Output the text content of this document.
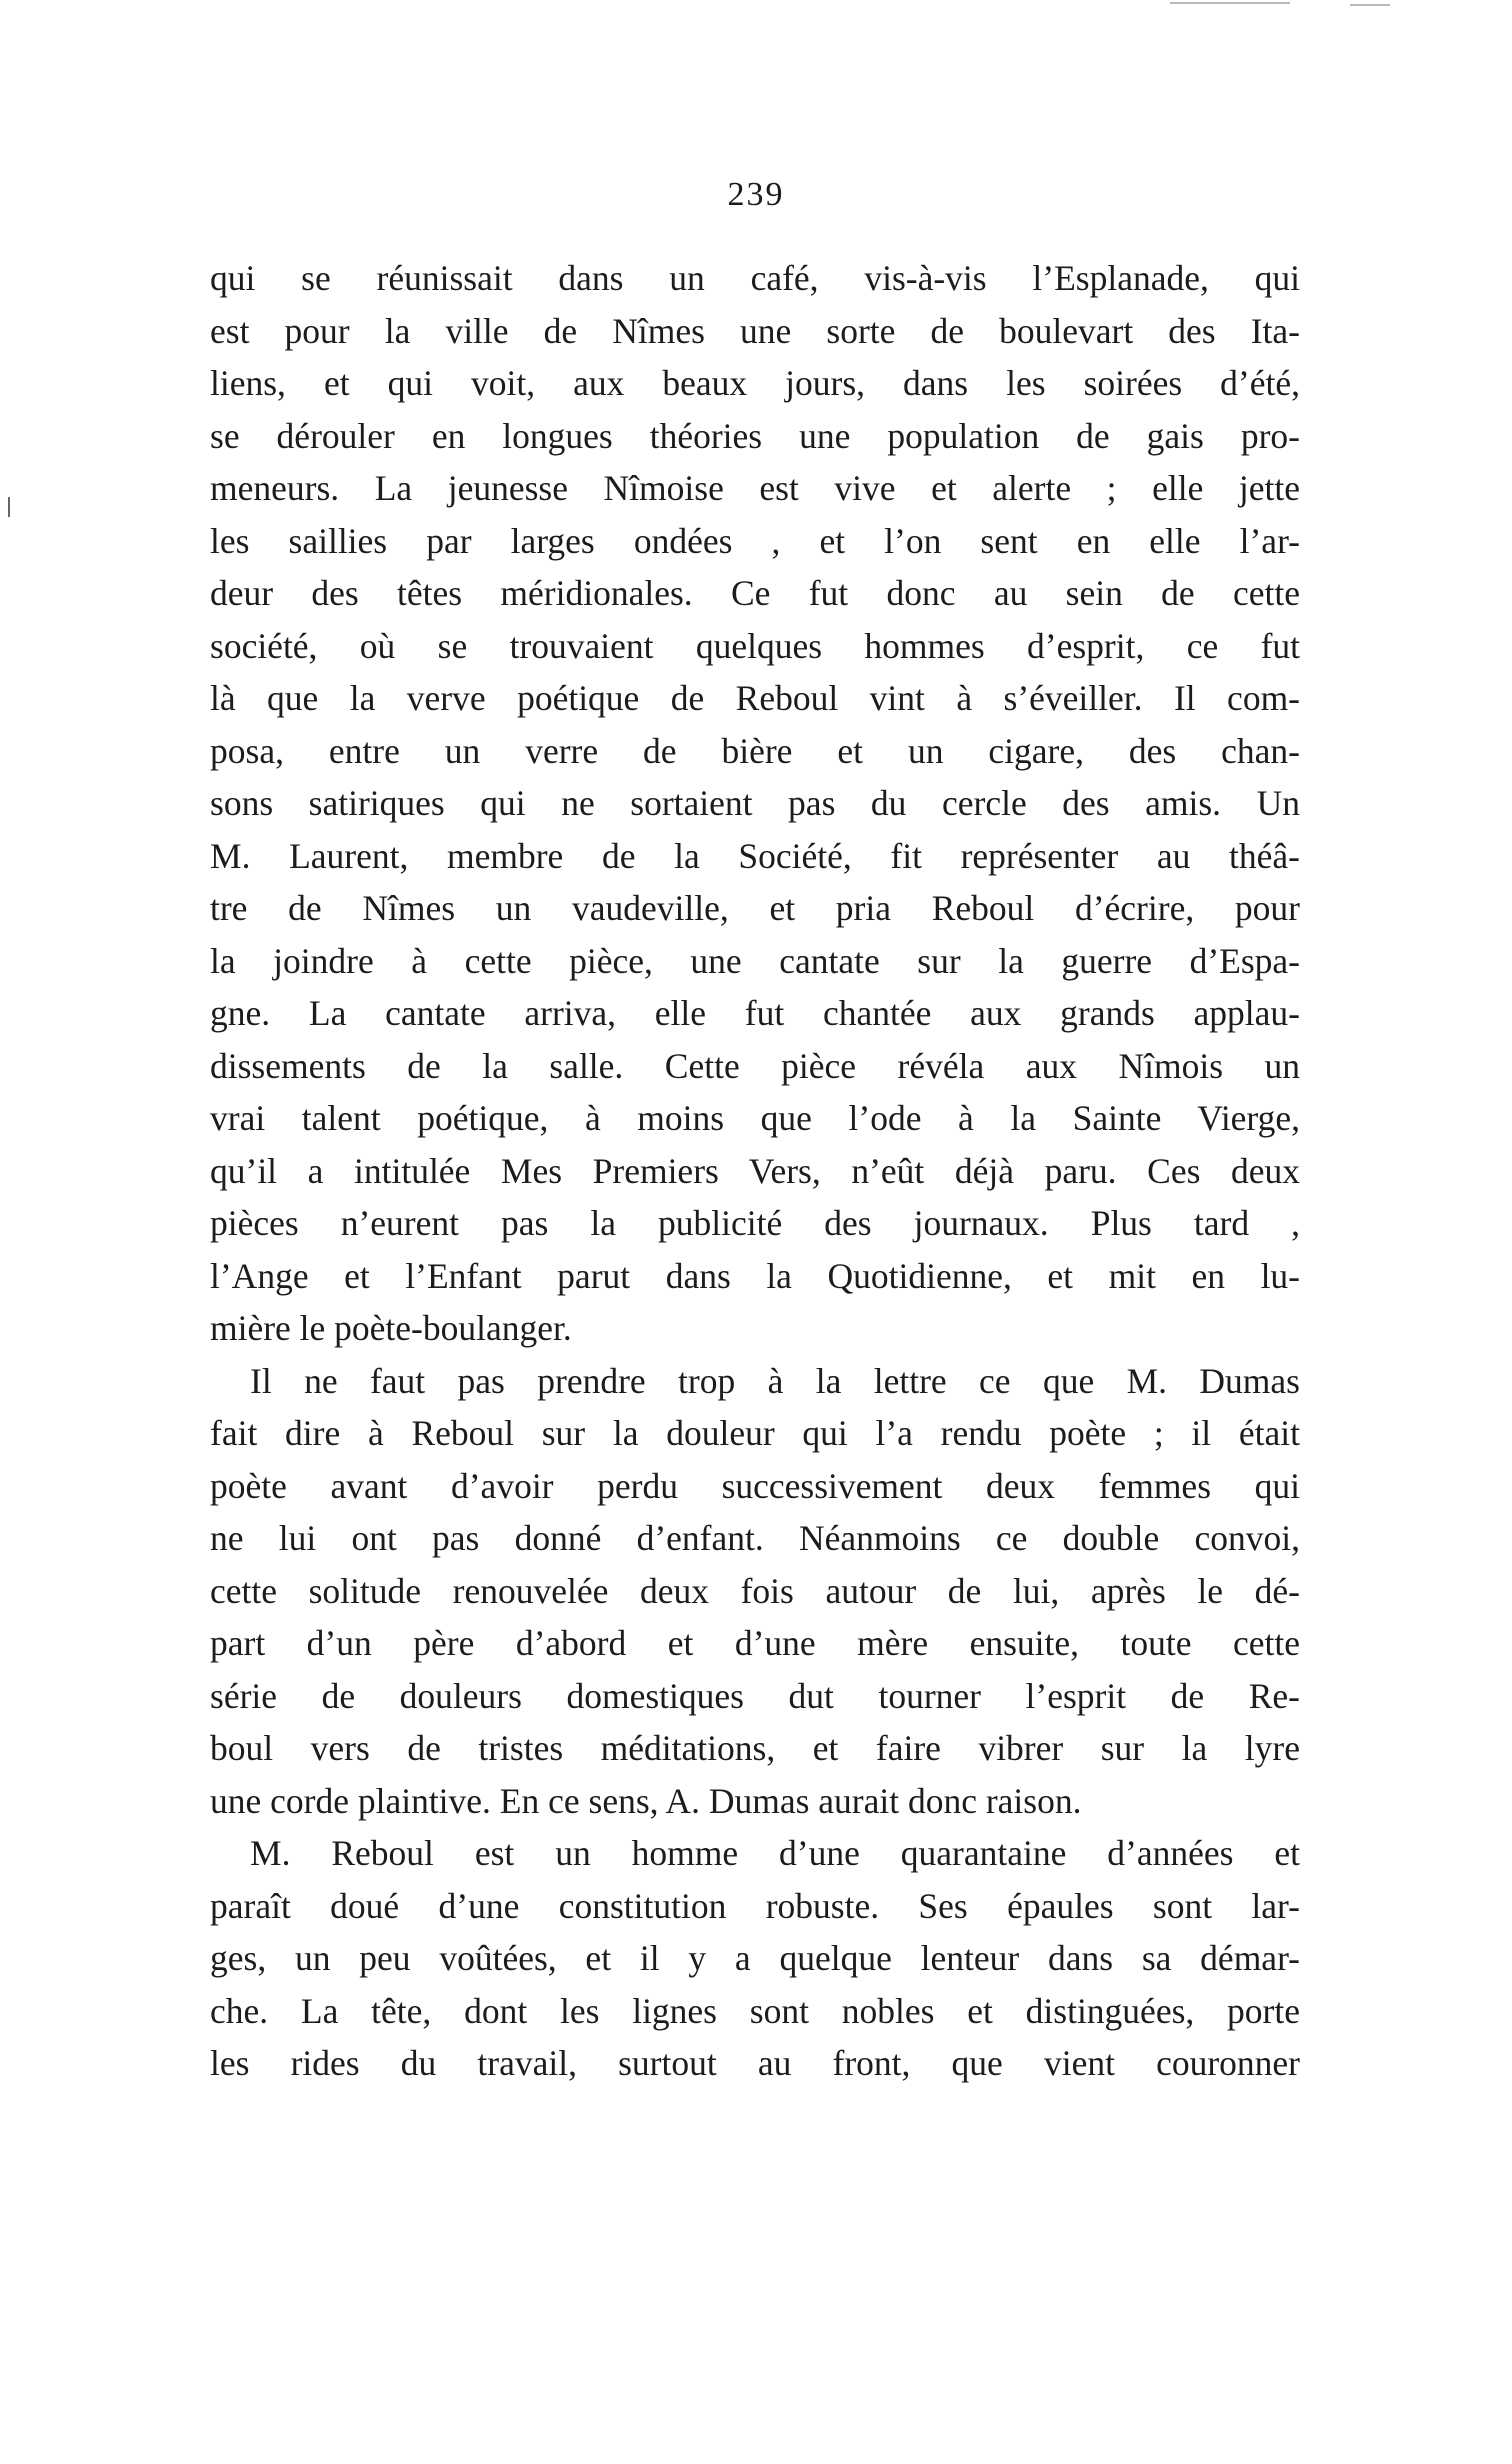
239
qui se réunissait dans un café, vis-à-vis l’Esplanade, qui
est pour la ville de Nîmes une sorte de boulevart des Ita-
liens, et qui voit, aux beaux jours, dans les soirées d’été,
se dérouler en longues théories une population de gais pro-
meneurs. La jeunesse Nîmoise est vive et alerte ; elle jette
les saillies par larges ondées , et l’on sent en elle l’ar-
deur des têtes méridionales. Ce fut donc au sein de cette
société, où se trouvaient quelques hommes d’esprit, ce fut
là que la verve poétique de Reboul vint à s’éveiller. Il com-
posa, entre un verre de bière et un cigare, des chan-
sons satiriques qui ne sortaient pas du cercle des amis. Un
M. Laurent, membre de la Société, fit représenter au théâ-
tre de Nîmes un vaudeville, et pria Reboul d’écrire, pour
la joindre à cette pièce, une cantate sur la guerre d’Espa-
gne. La cantate arriva, elle fut chantée aux grands applau-
dissements de la salle. Cette pièce révéla aux Nîmois un
vrai talent poétique, à moins que l’ode à la Sainte Vierge,
qu’il a intitulée Mes Premiers Vers, n’eût déjà paru. Ces deux
pièces n’eurent pas la publicité des journaux. Plus tard ,
l’Ange et l’Enfant parut dans la Quotidienne, et mit en lu-
mière le poète-boulanger.
Il ne faut pas prendre trop à la lettre ce que M. Dumas
fait dire à Reboul sur la douleur qui l’a rendu poète ; il était
poète avant d’avoir perdu successivement deux femmes qui
ne lui ont pas donné d’enfant. Néanmoins ce double convoi,
cette solitude renouvelée deux fois autour de lui, après le dé-
part d’un père d’abord et d’une mère ensuite, toute cette
série de douleurs domestiques dut tourner l’esprit de Re-
boul vers de tristes méditations, et faire vibrer sur la lyre
une corde plaintive. En ce sens, A. Dumas aurait donc raison.
M. Reboul est un homme d’une quarantaine d’années et
paraît doué d’une constitution robuste. Ses épaules sont lar-
ges, un peu voûtées, et il y a quelque lenteur dans sa démar-
che. La tête, dont les lignes sont nobles et distinguées, porte
les rides du travail, surtout au front, que vient couronner
